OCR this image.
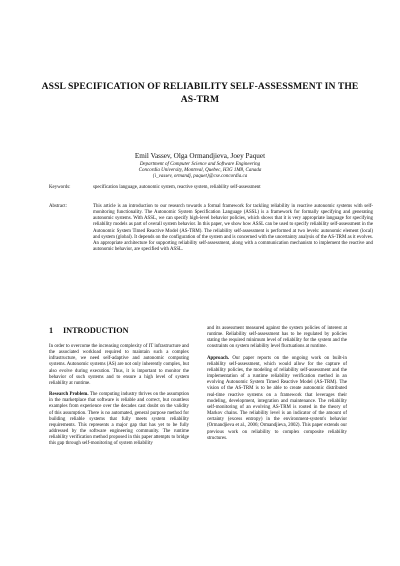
ASSL SPECIFICATION OF RELIABILITY SELF-ASSESSMENT IN THE AS-TRM
Emil Vassev, Olga Ormandjieva, Joey Paquet
Department of Computer Science and Software Engineering
Concordia University, Montreal, Quebec, H3G 1M8, Canada
{i_vassev, ormandj, paquet}@cse.concordia.ca
Keywords:	specification language, autonomic system, reactive system, reliability self-assessment
Abstract:	This article is an introduction to our research towards a formal framework for tackling reliability in reactive autonomic systems with self-monitoring functionality. The Autonomic System Specification Language (ASSL) is a framework for formally specifying and generating autonomic systems. With ASSL, we can specify high-level behavior policies, which shows that it is very appropriate language for specifying reliability models as part of overall system behavior. In this paper, we show how ASSL can be used to specify reliability self-assessment in the Autonomic System Timed Reactive Model (AS-TRM). The reliability self-assessment is performed at two levels: autonomic element (local) and system (global). It depends on the configuration of the system and is concerned with the uncertainty analysis of the AS-TRM as it evolves. An appropriate architecture for supporting reliability self-assessment, along with a communication mechanism to implement the reactive and autonomic behavior, are specified with ASSL.
1 INTRODUCTION

In order to overcome the increasing complexity of IT infrastructure and the associated workload required to maintain such a complex infrastructure, we need self-adaptive and autonomic computing systems. Autonomic systems (AS) are not only inherently complex, but also evolve during execution. Thus, it is important to monitor the behavior of such systems and to ensure a high level of system reliability at runtime.

Research Problem. The computing industry thrives on the assumption in the marketplace that software is reliable and correct, but countless examples from experience over the decades cast doubt on the validity of this assumption. There is no automated, general purpose method for building reliable systems that fully meets system reliability requirements. This represents a major gap that has yet to be fully addressed by the software engineering community. The runtime reliability verification method proposed in this paper attempts to bridge this gap through self-monitoring of system reliability

and its assessment measured against the system policies of interest at runtime. Reliability self-assessment has to be regulated by policies stating the required minimum level of reliability for the system and the constraints on system reliability level fluctuations at runtime.

Approach. Our paper reports on the ongoing work on built-in reliability self-assessment, which would allow for the capture of reliability policies, the modeling of reliability self-assessment and the implementation of a runtime reliability verification method in an evolving Autonomic System Timed Reactive Model (AS-TRM). The vision of the AS-TRM is to be able to create autonomic distributed real-time reactive systems on a framework that leverages their modeling, development, integration and maintenance. The reliability self-monitoring of an evolving AS-TRM is rooted in the theory of Markov chains. The reliability level is an indicator of the amount of certainty (excess entropy) in the environment-system's behavior (Ormandjieva et al., 2006; Ormandjieva, 2002). This paper extends our previous work on reliability to complex composite reliability structures.
